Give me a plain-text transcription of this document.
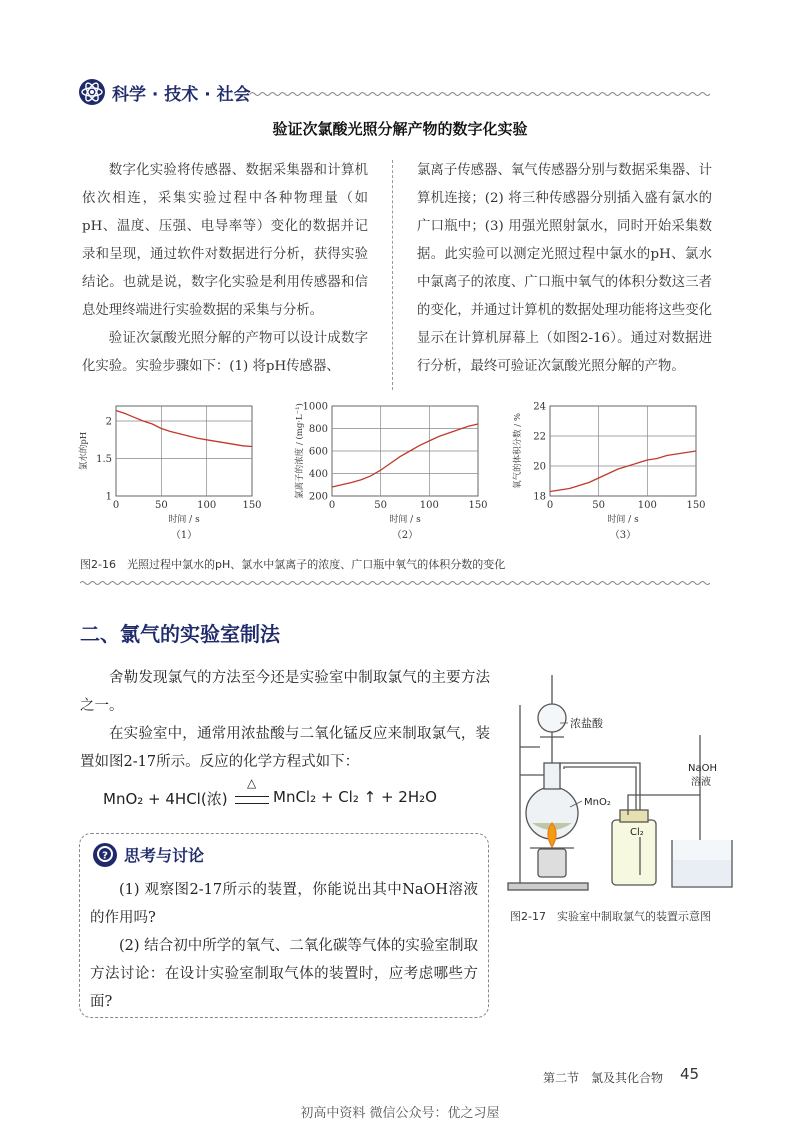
科学 · 技术 · 社会
验证次氯酸光照分解产物的数字化实验

数字化实验将传感器、数据采集器和计算机依次相连，采集实验过程中各种物理量（如pH、温度、压强、电导率等）变化的数据并记录和呈现，通过软件对数据进行分析，获得实验结论。也就是说，数字化实验是利用传感器和信息处理终端进行实验数据的采集与分析。

验证次氯酸光照分解的产物可以设计成数字化实验。实验步骤如下：(1) 将pH传感器、

氯离子传感器、氧气传感器分别与数据采集器、计算机连接；(2) 将三种传感器分别插入盛有氯水的广口瓶中；(3) 用强光照射氯水，同时开始采集数据。此实验可以测定光照过程中氯水的pH、氯水中氯离子的浓度、广口瓶中氧气的体积分数这三者的变化，并通过计算机的数据处理功能将这些变化显示在计算机屏幕上（如图2-16）。通过对数据进行分析，最终可验证次氯酸光照分解的产物。

0	50	100	150
1
1.5
2
时间 / s
氯水的pH
（1）
0	50	100	150
200
400
600
800
1000
时间 / s
氯离子的浓度 / (mg·L⁻¹)
（2）
0	50	100	150
18
20
22
24
时间 / s
氧气的体积分数 / %
（3）
图2-16　光照过程中氯水的pH、氯水中氯离子的浓度、广口瓶中氧气的体积分数的变化
二、氯气的实验室制法

舍勒发现氯气的方法至今还是实验室中制取氯气的主要方法之一。

在实验室中，通常用浓盐酸与二氧化锰反应来制取氯气，装置如图2-17所示。反应的化学方程式如下：

MnO₂ + 4HCl(浓)
△
MnCl₂ + Cl₂ ↑ + 2H₂O
? 思考与讨论

(1) 观察图2-17所示的装置，你能说出其中NaOH溶液的作用吗?

(2) 结合初中所学的氧气、二氧化碳等气体的实验室制取方法讨论：在设计实验室制取气体的装置时，应考虑哪些方面?

浓盐酸
MnO₂
Cl₂
NaOH
溶液
图2-17　实验室中制取氯气的装置示意图
第二节　氯及其化合物 45
初高中资料 微信公众号：优之习屋
